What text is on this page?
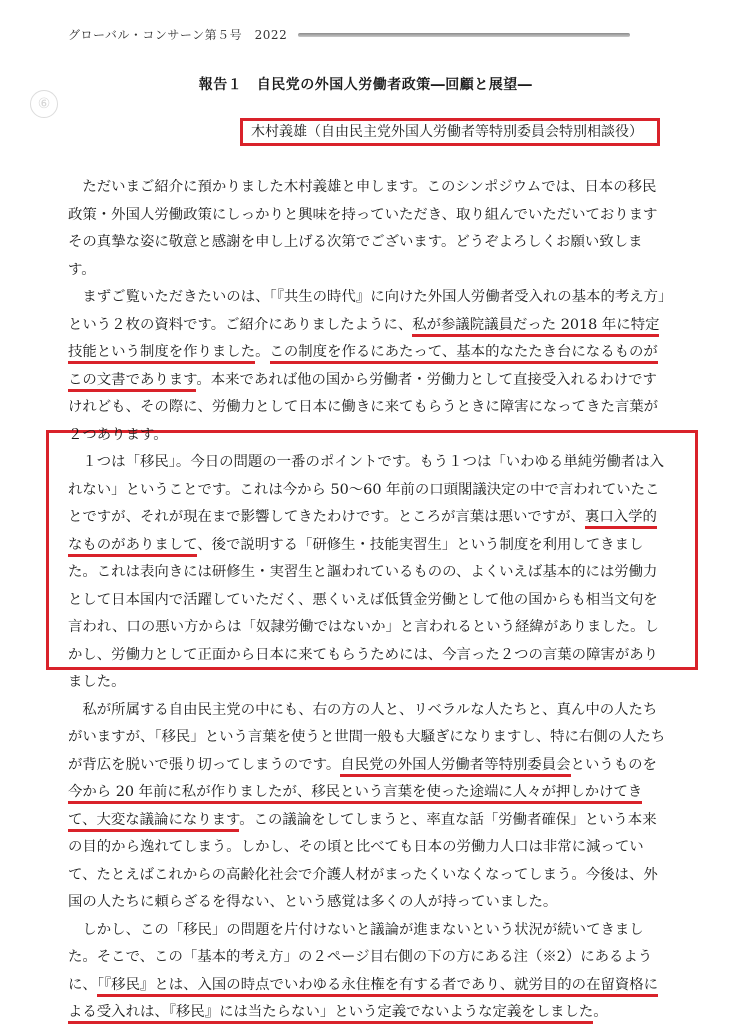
グローバル・コンサーン第５号　2022
⑥
報告１　自民党の外国人労働者政策―回顧と展望―
木村義雄（自由民主党外国人労働者等特別委員会特別相談役）

ただいまご紹介に預かりました木村義雄と申します。このシンポジウムでは、日本の移民政策・外国人労働政策にしっかりと興味を持っていただき、取り組んでいただいておりますその真摯な姿に敬意と感謝を申し上げる次第でございます。どうぞよろしくお願い致します。

まずご覧いただきたいのは、「『共生の時代』に向けた外国人労働者受入れの基本的考え方」という２枚の資料です。ご紹介にありましたように、私が参議院議員だった 2018 年に特定技能という制度を作りました。この制度を作るにあたって、基本的なたたき台になるものがこの文書であります。本来であれば他の国から労働者・労働力として直接受入れるわけですけれども、その際に、労働力として日本に働きに来てもらうときに障害になってきた言葉が２つあります。

１つは「移民」。今日の問題の一番のポイントです。もう１つは「いわゆる単純労働者は入れない」ということです。これは今から 50〜60 年前の口頭閣議決定の中で言われていたことですが、それが現在まで影響してきたわけです。ところが言葉は悪いですが、裏口入学的なものがありまして、後で説明する「研修生・技能実習生」という制度を利用してきました。これは表向きには研修生・実習生と謳われているものの、よくいえば基本的には労働力として日本国内で活躍していただく、悪くいえば低賃金労働として他の国からも相当文句を言われ、口の悪い方からは「奴隷労働ではないか」と言われるという経緯がありました。しかし、労働力として正面から日本に来てもらうためには、今言った２つの言葉の障害がありました。

私が所属する自由民主党の中にも、右の方の人と、リベラルな人たちと、真ん中の人たちがいますが、「移民」という言葉を使うと世間一般も大騒ぎになりますし、特に右側の人たちが背広を脱いで張り切ってしまうのです。自民党の外国人労働者等特別委員会というものを今から 20 年前に私が作りましたが、移民という言葉を使った途端に人々が押しかけてきて、大変な議論になります。この議論をしてしまうと、率直な話「労働者確保」という本来の目的から逸れてしまう。しかし、その頃と比べても日本の労働力人口は非常に減っていて、たとえばこれからの高齢化社会で介護人材がまったくいなくなってしまう。今後は、外国の人たちに頼らざるを得ない、という感覚は多くの人が持っていました。

しかし、この「移民」の問題を片付けないと議論が進まないという状況が続いてきました。そこで、この「基本的考え方」の２ページ目右側の下の方にある注（※2）にあるように、「『移民』とは、入国の時点でいわゆる永住権を有する者であり、就労目的の在留資格による受入れは、『移民』には当たらない」という定義でないような定義をしました。
